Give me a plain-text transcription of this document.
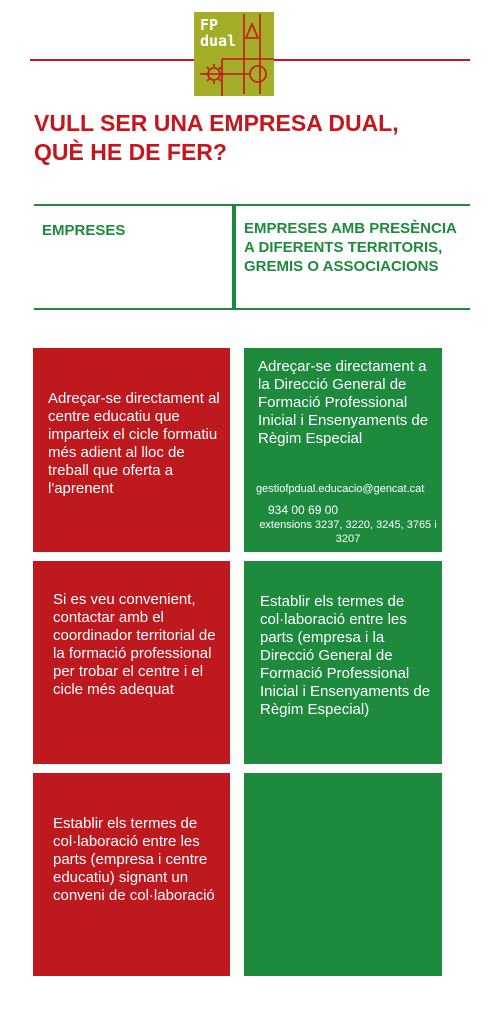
FP
dual
VULL SER UNA EMPRESA DUAL,
QUÈ HE DE FER?
EMPRESES	EMPRESES AMB PRESÈNCIA A DIFERENTS TERRITORIS, GREMIS O ASSOCIACIONS
Adreçar-se directament al centre educatiu que imparteix el cicle formatiu més adient al lloc de treball que oferta a l'aprenent
Adreçar-se directament a la Direcció General de Formació Professional Inicial i Ensenyaments de Règim Especial
gestiofpdual.educacio@gencat.cat
934 00 69 00
extensions 3237, 3220, 3245, 3765 i 3207
Si es veu convenient, contactar amb el coordinador territorial de la formació professional per trobar el centre i el cicle més adequat
Establir els termes de col·laboració entre les parts (empresa i la Direcció General de Formació Professional Inicial i Ensenyaments de Règim Especial)
Establir els termes de col·laboració entre les parts (empresa i centre educatiu) signant un conveni de col·laboració
